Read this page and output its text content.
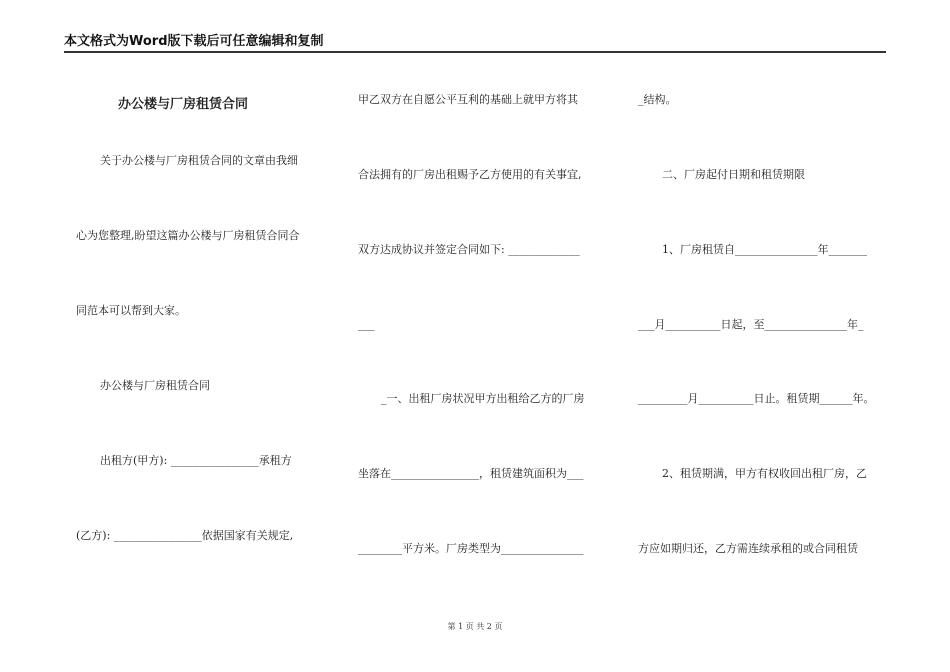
本文格式为Word版下载后可任意编辑和复制
办公楼与厂房租赁合同
关于办公楼与厂房租赁合同的文章由我细
心为您整理,盼望这篇办公楼与厂房租赁合同合
同范本可以帮到大家。
办公楼与厂房租赁合同
出租方(甲方): ________________承租方
(乙方): ________________依据国家有关规定,
甲乙双方在自愿公平互利的基础上就甲方将其
合法拥有的厂房出租赐予乙方使用的有关事宜,
双方达成协议并签定合同如下: _____________
___
_一、出租厂房状况甲方出租给乙方的厂房
坐落在________________，租赁建筑面积为___
________平方米。厂房类型为_______________
_结构。
二、厂房起付日期和租赁期限
1、厂房租赁自_______________年_______
___月__________日起，至_______________年_
_________月__________日止。租赁期______年。
2、租赁期满，甲方有权收回出租厂房，乙
方应如期归还，乙方需连续承租的或合同租赁
第 1 页 共 2 页
